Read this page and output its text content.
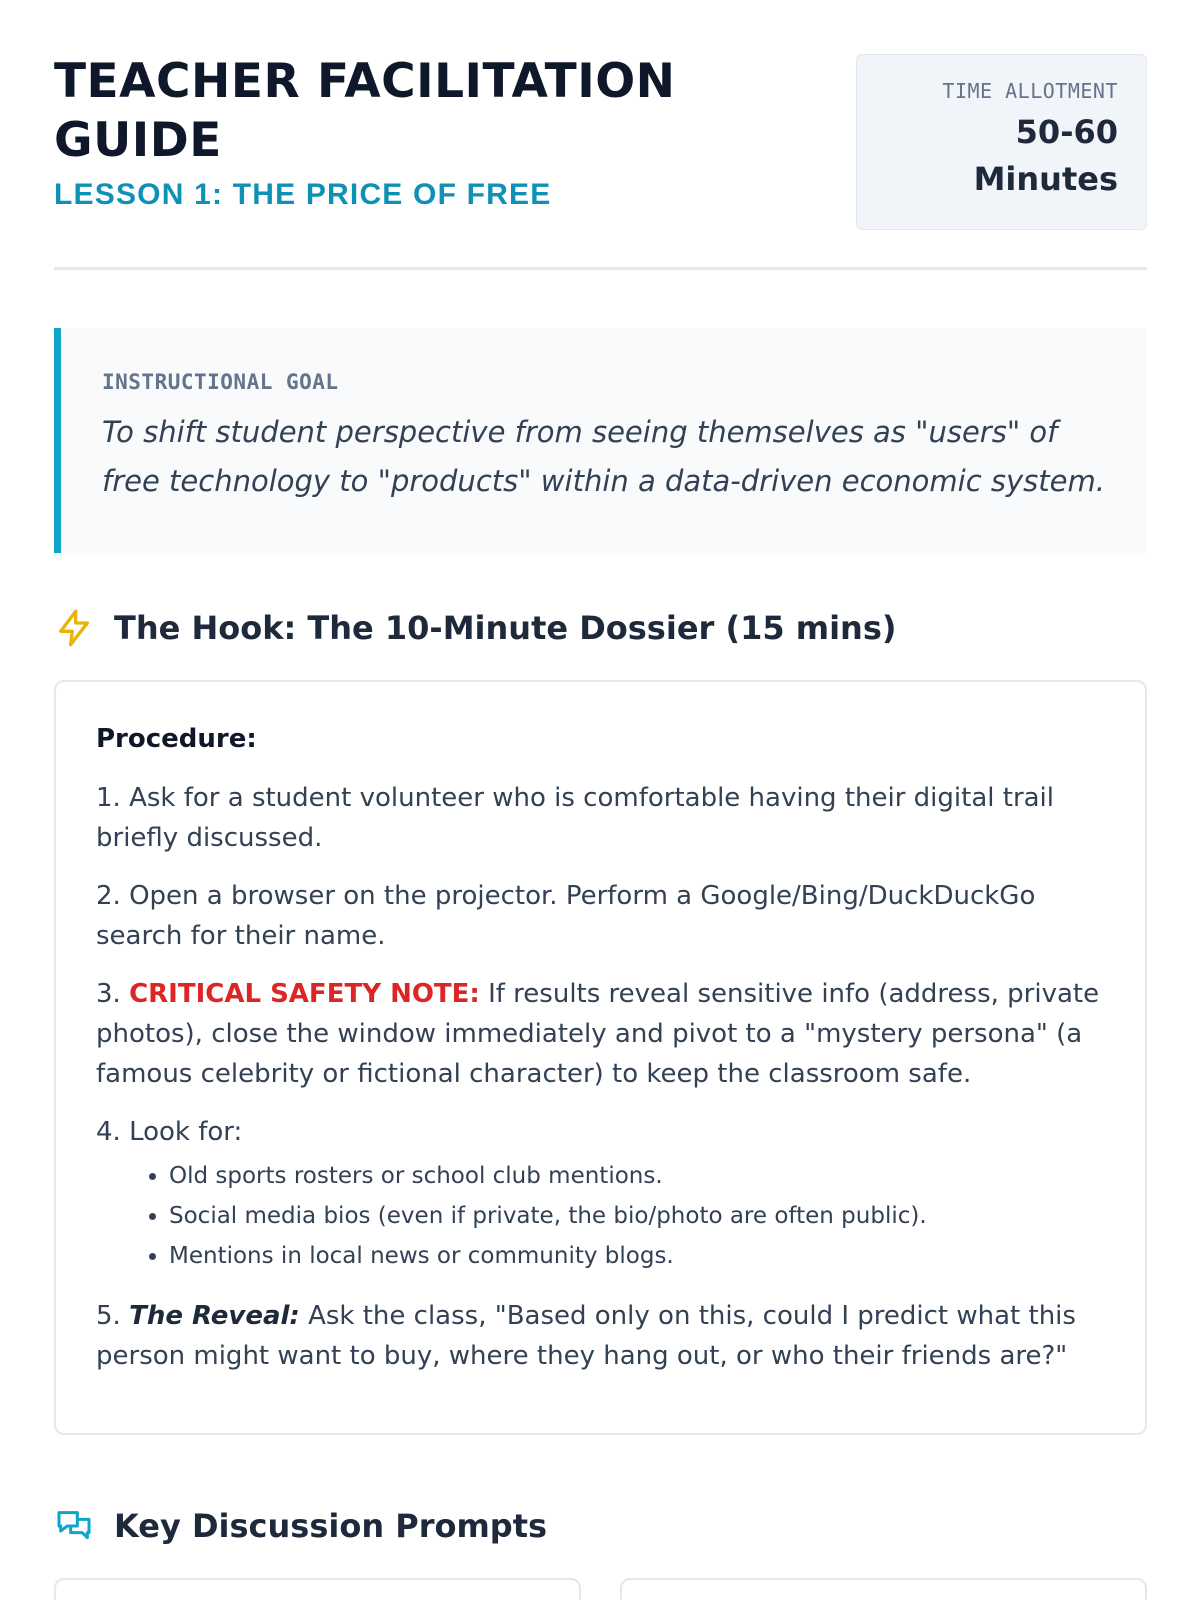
TEACHER FACILITATION GUIDE
LESSON 1: THE PRICE OF FREE
TIME ALLOTMENT
50-60
Minutes
INSTRUCTIONAL GOAL

To shift student perspective from seeing themselves as "users" of free technology to "products" within a data-driven economic system.

The Hook: The 10-Minute Dossier (15 mins)

Procedure:

1. Ask for a student volunteer who is comfortable having their digital trail briefly discussed.

2. Open a browser on the projector. Perform a Google/Bing/DuckDuckGo search for their name.

3. CRITICAL SAFETY NOTE: If results reveal sensitive info (address, private photos), close the window immediately and pivot to a "mystery persona" (a famous celebrity or fictional character) to keep the classroom safe.

4. Look for:

• Old sports rosters or school club mentions.
• Social media bios (even if private, the bio/photo are often public).
• Mentions in local news or community blogs.

5. The Reveal: Ask the class, "Based only on this, could I predict what this person might want to buy, where they hang out, or who their friends are?"

Key Discussion Prompts
